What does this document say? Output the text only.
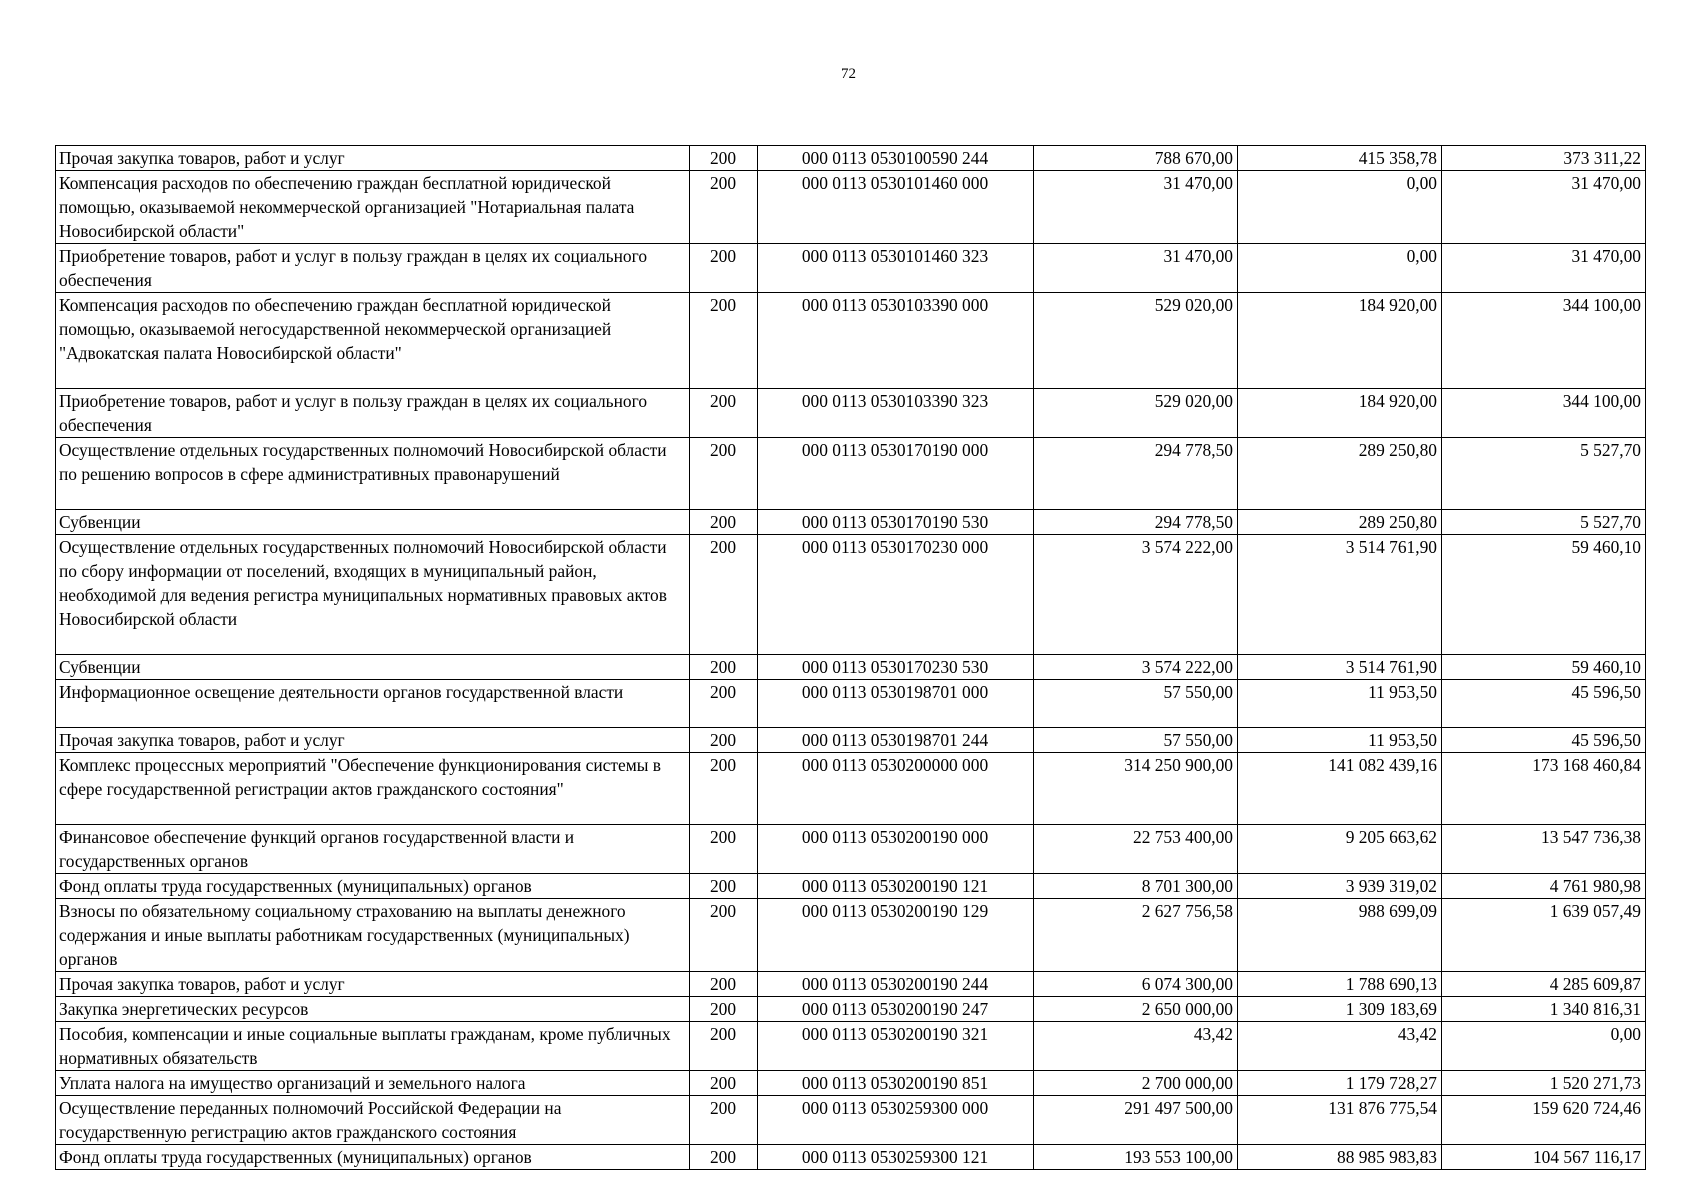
72
Прочая закупка товаров, работ и услуг	200	000 0113 0530100590 244	788 670,00	415 358,78	373 311,22
Компенсация расходов по обеспечению граждан бесплатной юридической помощью, оказываемой некоммерческой организацией "Нотариальная палата Новосибирской области"	200	000 0113 0530101460 000	31 470,00	0,00	31 470,00
Приобретение товаров, работ и услуг в пользу граждан в целях их социального обеспечения	200	000 0113 0530101460 323	31 470,00	0,00	31 470,00
Компенсация расходов по обеспечению граждан бесплатной юридической помощью, оказываемой негосударственной некоммерческой организацией "Адвокатская палата Новосибирской области"	200	000 0113 0530103390 000	529 020,00	184 920,00	344 100,00
Приобретение товаров, работ и услуг в пользу граждан в целях их социального обеспечения	200	000 0113 0530103390 323	529 020,00	184 920,00	344 100,00
Осуществление отдельных государственных полномочий Новосибирской области по решению вопросов в сфере административных правонарушений	200	000 0113 0530170190 000	294 778,50	289 250,80	5 527,70
Субвенции	200	000 0113 0530170190 530	294 778,50	289 250,80	5 527,70
Осуществление отдельных государственных полномочий Новосибирской области по сбору информации от поселений, входящих в муниципальный район, необходимой для ведения регистра муниципальных нормативных правовых актов Новосибирской области	200	000 0113 0530170230 000	3 574 222,00	3 514 761,90	59 460,10
Субвенции	200	000 0113 0530170230 530	3 574 222,00	3 514 761,90	59 460,10
Информационное освещение деятельности органов государственной власти	200	000 0113 0530198701 000	57 550,00	11 953,50	45 596,50
Прочая закупка товаров, работ и услуг	200	000 0113 0530198701 244	57 550,00	11 953,50	45 596,50
Комплекс процессных мероприятий "Обеспечение функционирования системы в сфере государственной регистрации актов гражданского состояния"	200	000 0113 0530200000 000	314 250 900,00	141 082 439,16	173 168 460,84
Финансовое обеспечение функций органов государственной власти и государственных органов	200	000 0113 0530200190 000	22 753 400,00	9 205 663,62	13 547 736,38
Фонд оплаты труда государственных (муниципальных) органов	200	000 0113 0530200190 121	8 701 300,00	3 939 319,02	4 761 980,98
Взносы по обязательному социальному страхованию на выплаты денежного содержания и иные выплаты работникам государственных (муниципальных) органов	200	000 0113 0530200190 129	2 627 756,58	988 699,09	1 639 057,49
Прочая закупка товаров, работ и услуг	200	000 0113 0530200190 244	6 074 300,00	1 788 690,13	4 285 609,87
Закупка энергетических ресурсов	200	000 0113 0530200190 247	2 650 000,00	1 309 183,69	1 340 816,31
Пособия, компенсации и иные социальные выплаты гражданам, кроме публичных нормативных обязательств	200	000 0113 0530200190 321	43,42	43,42	0,00
Уплата налога на имущество организаций и земельного налога	200	000 0113 0530200190 851	2 700 000,00	1 179 728,27	1 520 271,73
Осуществление переданных полномочий Российской Федерации на государственную регистрацию актов гражданского состояния	200	000 0113 0530259300 000	291 497 500,00	131 876 775,54	159 620 724,46
Фонд оплаты труда государственных (муниципальных) органов	200	000 0113 0530259300 121	193 553 100,00	88 985 983,83	104 567 116,17
